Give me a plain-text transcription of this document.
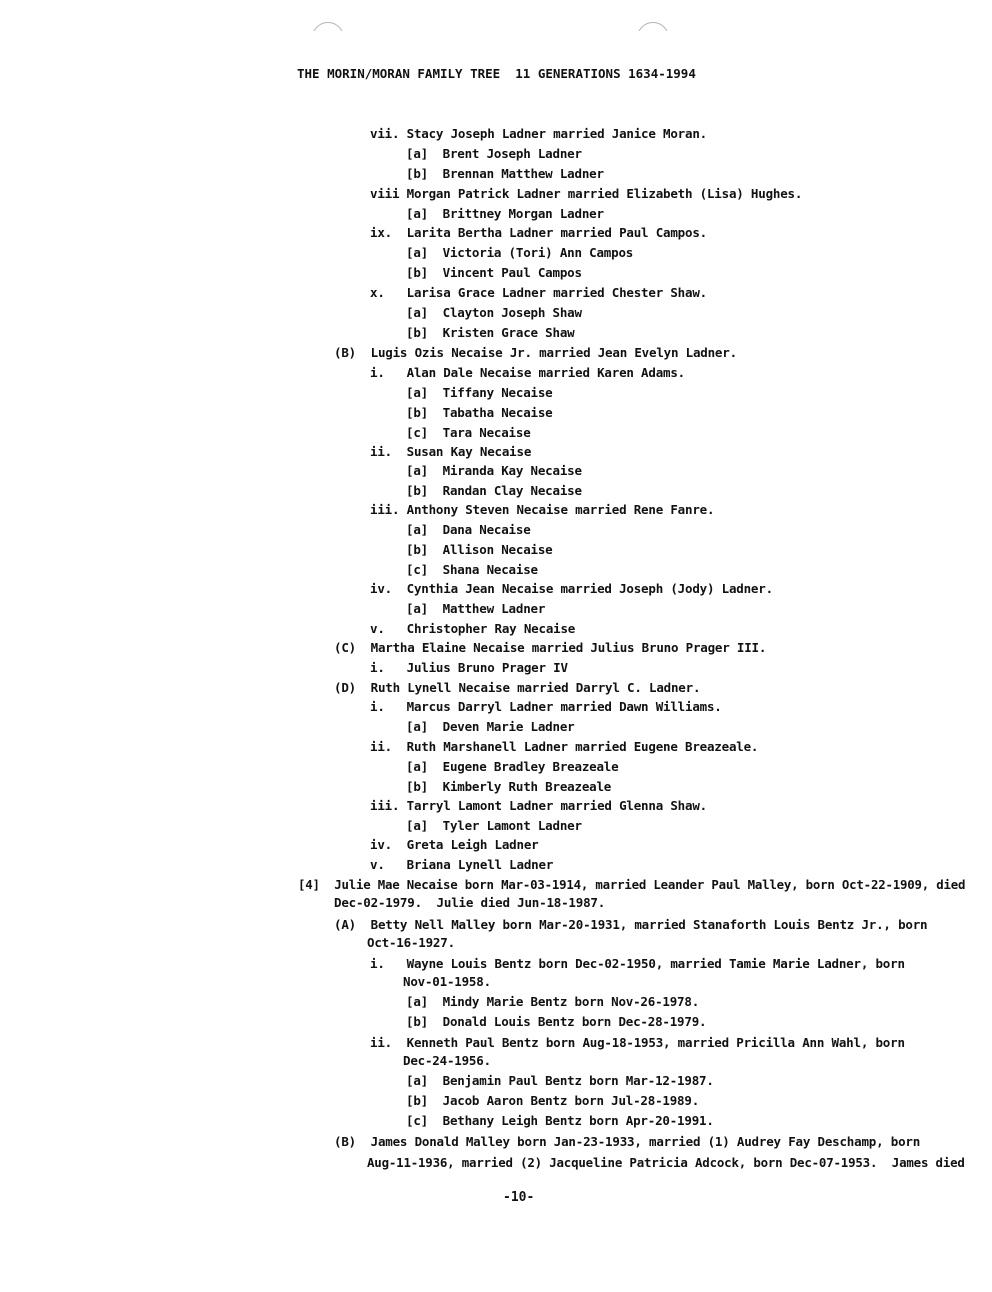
THE MORIN/MORAN FAMILY TREE  11 GENERATIONS 1634-1994
vii. Stacy Joseph Ladner married Janice Moran.
[a]  Brent Joseph Ladner
[b]  Brennan Matthew Ladner
viii Morgan Patrick Ladner married Elizabeth (Lisa) Hughes.
[a]  Brittney Morgan Ladner
ix.  Larita Bertha Ladner married Paul Campos.
[a]  Victoria (Tori) Ann Campos
[b]  Vincent Paul Campos
x.   Larisa Grace Ladner married Chester Shaw.
[a]  Clayton Joseph Shaw
[b]  Kristen Grace Shaw
(B)  Lugis Ozis Necaise Jr. married Jean Evelyn Ladner.
i.   Alan Dale Necaise married Karen Adams.
[a]  Tiffany Necaise
[b]  Tabatha Necaise
[c]  Tara Necaise
ii.  Susan Kay Necaise
[a]  Miranda Kay Necaise
[b]  Randan Clay Necaise
iii. Anthony Steven Necaise married Rene Fanre.
[a]  Dana Necaise
[b]  Allison Necaise
[c]  Shana Necaise
iv.  Cynthia Jean Necaise married Joseph (Jody) Ladner.
[a]  Matthew Ladner
v.   Christopher Ray Necaise
(C)  Martha Elaine Necaise married Julius Bruno Prager III.
i.   Julius Bruno Prager IV
(D)  Ruth Lynell Necaise married Darryl C. Ladner.
i.   Marcus Darryl Ladner married Dawn Williams.
[a]  Deven Marie Ladner
ii.  Ruth Marshanell Ladner married Eugene Breazeale.
[a]  Eugene Bradley Breazeale
[b]  Kimberly Ruth Breazeale
iii. Tarryl Lamont Ladner married Glenna Shaw.
[a]  Tyler Lamont Ladner
iv.  Greta Leigh Ladner
v.   Briana Lynell Ladner
[4]  Julie Mae Necaise born Mar-03-1914, married Leander Paul Malley, born Oct-22-1909, died
Dec-02-1979.  Julie died Jun-18-1987.
(A)  Betty Nell Malley born Mar-20-1931, married Stanaforth Louis Bentz Jr., born
Oct-16-1927.
i.   Wayne Louis Bentz born Dec-02-1950, married Tamie Marie Ladner, born
Nov-01-1958.
[a]  Mindy Marie Bentz born Nov-26-1978.
[b]  Donald Louis Bentz born Dec-28-1979.
ii.  Kenneth Paul Bentz born Aug-18-1953, married Pricilla Ann Wahl, born
Dec-24-1956.
[a]  Benjamin Paul Bentz born Mar-12-1987.
[b]  Jacob Aaron Bentz born Jul-28-1989.
[c]  Bethany Leigh Bentz born Apr-20-1991.
(B)  James Donald Malley born Jan-23-1933, married (1) Audrey Fay Deschamp, born
Aug-11-1936, married (2) Jacqueline Patricia Adcock, born Dec-07-1953.  James died
-10-
